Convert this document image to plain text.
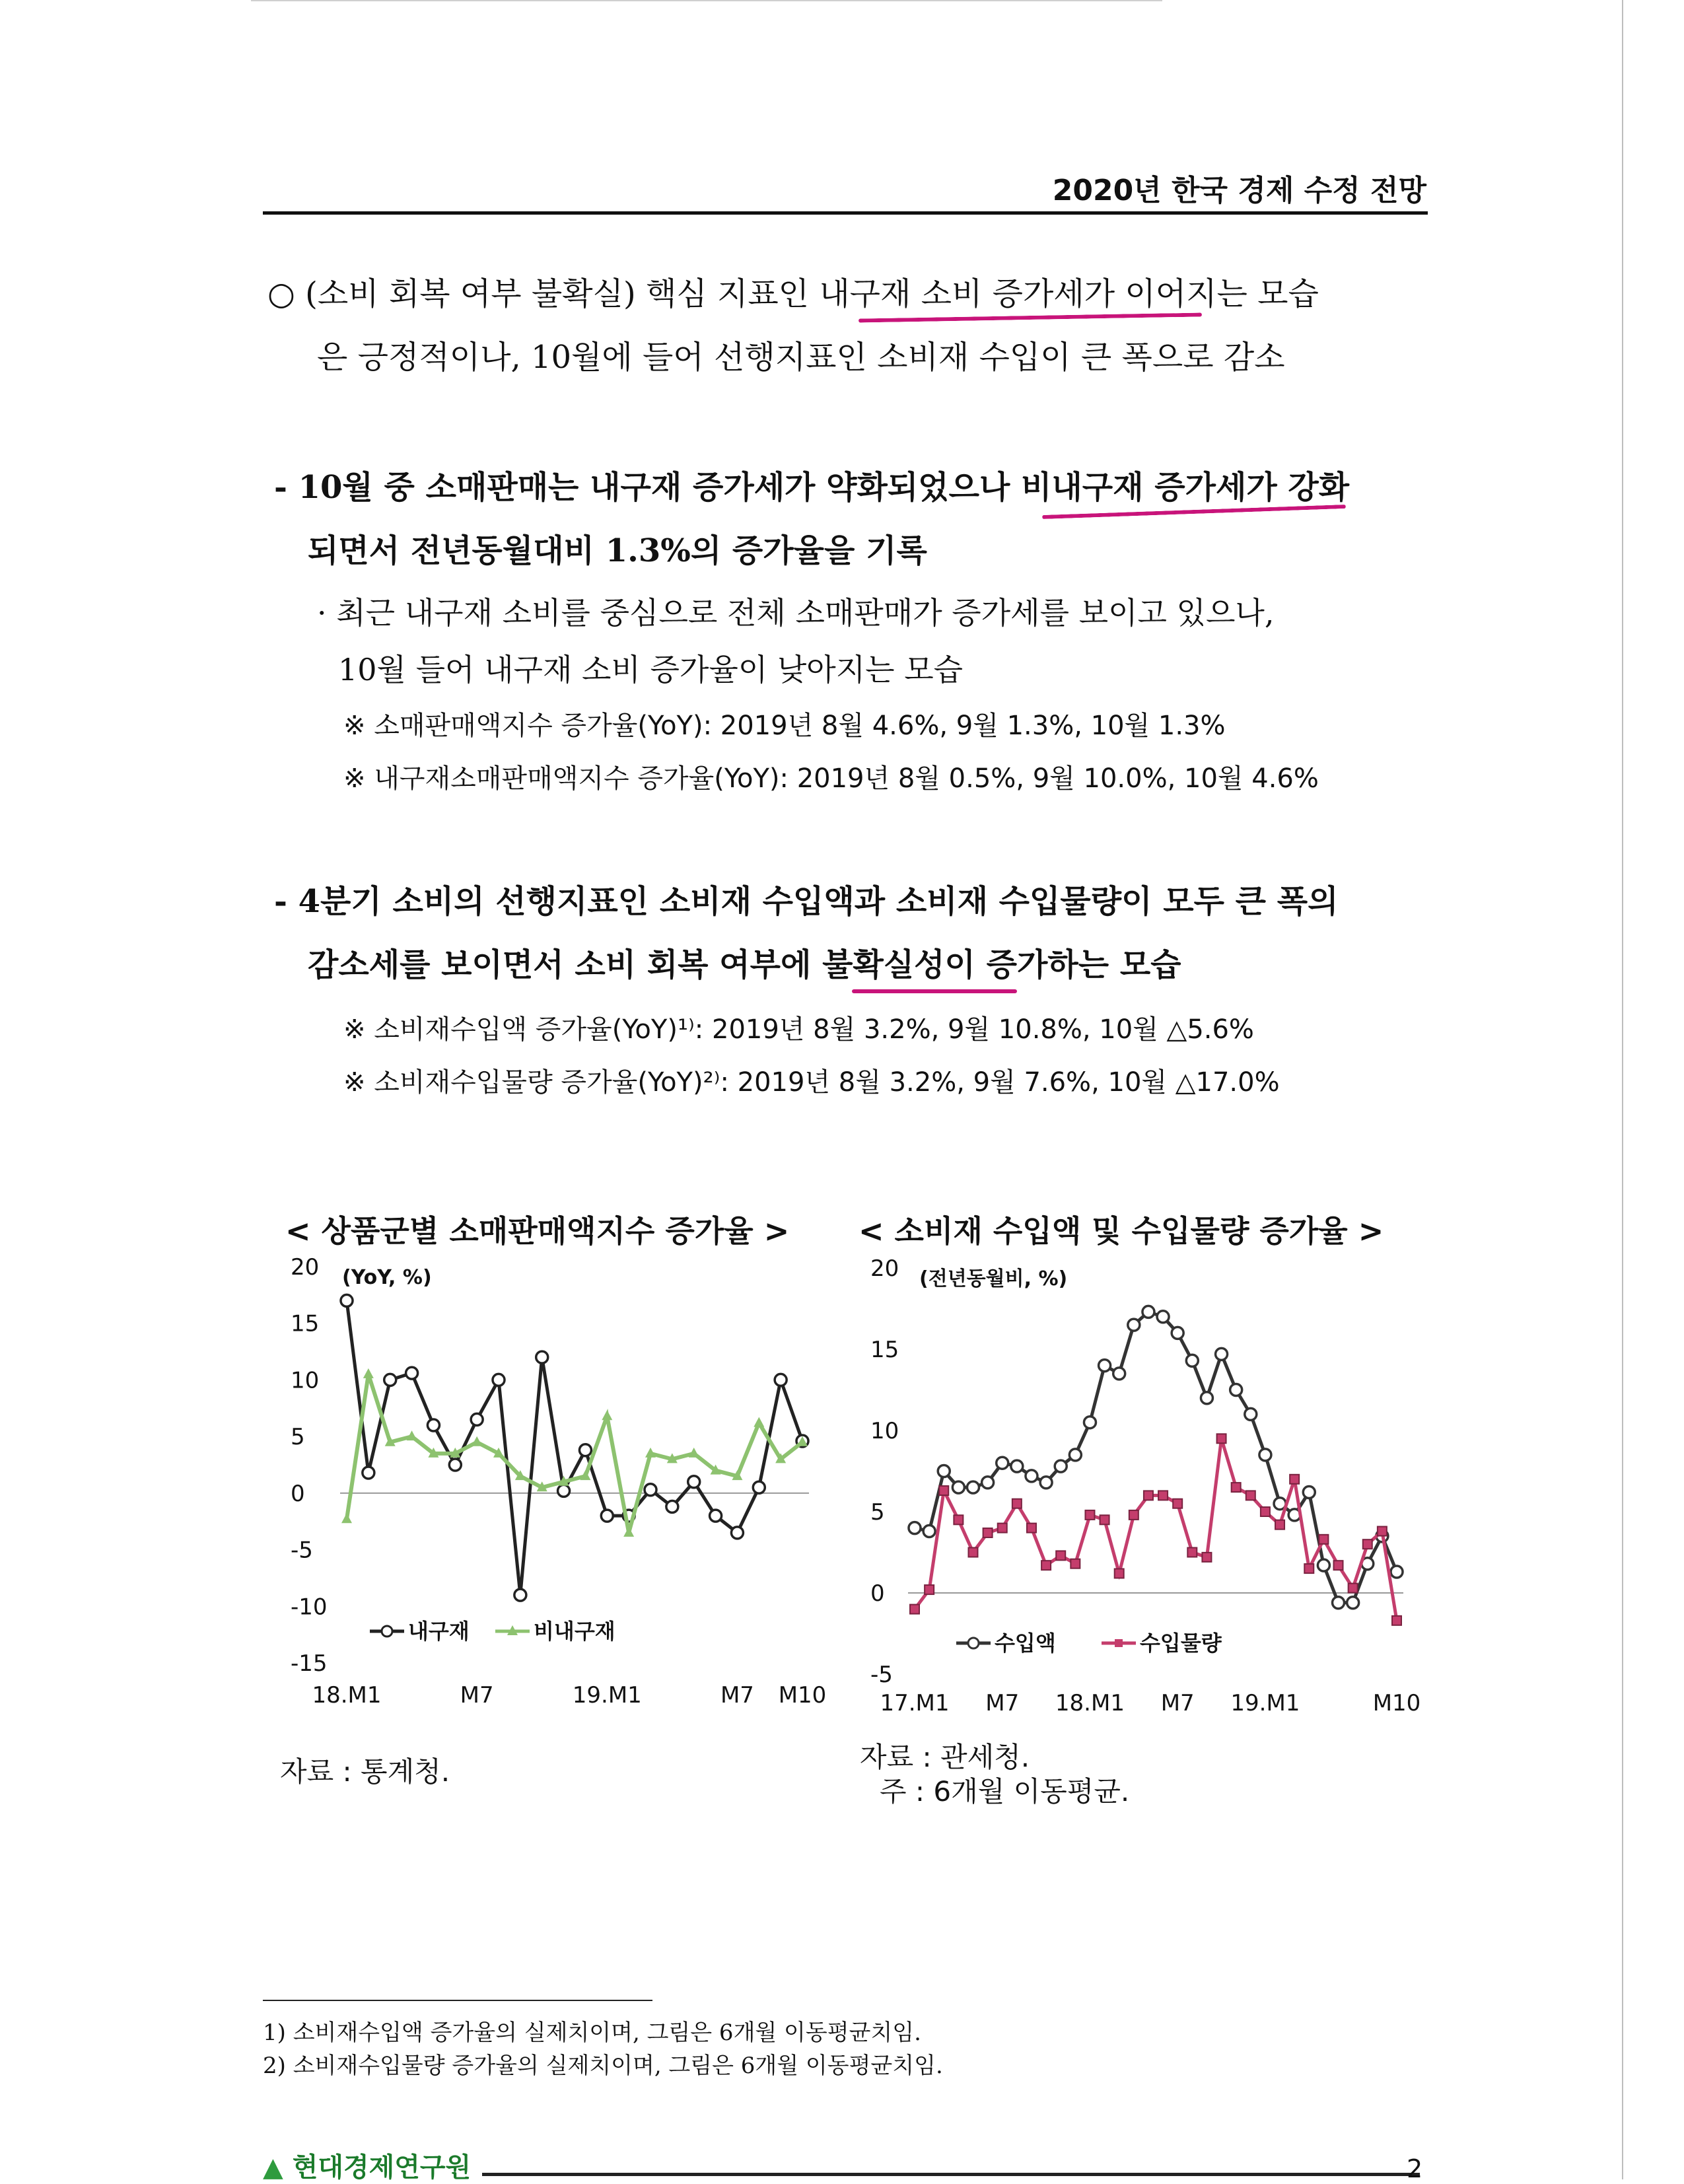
2020년 한국 경제 수정 전망
○ (소비 회복 여부 불확실) 핵심 지표인 내구재 소비 증가세가 이어지는 모습
은 긍정적이나, 10월에 들어 선행지표인 소비재 수입이 큰 폭으로 감소
- 10월 중 소매판매는 내구재 증가세가 약화되었으나 비내구재 증가세가 강화
되면서 전년동월대비 1.3%의 증가율을 기록
· 최근 내구재 소비를 중심으로 전체 소매판매가 증가세를 보이고 있으나,
10월 들어 내구재 소비 증가율이 낮아지는 모습
※ 소매판매액지수 증가율(YoY): 2019년 8월 4.6%, 9월 1.3%, 10월 1.3%
※ 내구재소매판매액지수 증가율(YoY): 2019년 8월 0.5%, 9월 10.0%, 10월 4.6%
- 4분기 소비의 선행지표인 소비재 수입액과 소비재 수입물량이 모두 큰 폭의
감소세를 보이면서 소비 회복 여부에 불확실성이 증가하는 모습
※ 소비재수입액 증가율(YoY)¹⁾: 2019년 8월 3.2%, 9월 10.8%, 10월 △5.6%
※ 소비재수입물량 증가율(YoY)²⁾: 2019년 8월 3.2%, 9월 7.6%, 10월 △17.0%
< 상품군별 소매판매액지수 증가율 > < 소비재 수입액 및 수입물량 증가율 >
20
15
10
5
0
-5
-10
-15
(YoY, %)
18.M1	M7	19.M1	M7 M10
내구재	비내구재
20
15
10
5
0
-5
(전년동월비, %)
17.M1 M7 18.M1 M7 19.M1	M10
수입액	수입물량
자료 : 통계청.	자료 : 관세청.
주 : 6개월 이동평균.
1) 소비재수입액 증가율의 실제치이며, 그림은 6개월 이동평균치임.
2) 소비재수입물량 증가율의 실제치이며, 그림은 6개월 이동평균치임.
▲ 현대경제연구원	2
